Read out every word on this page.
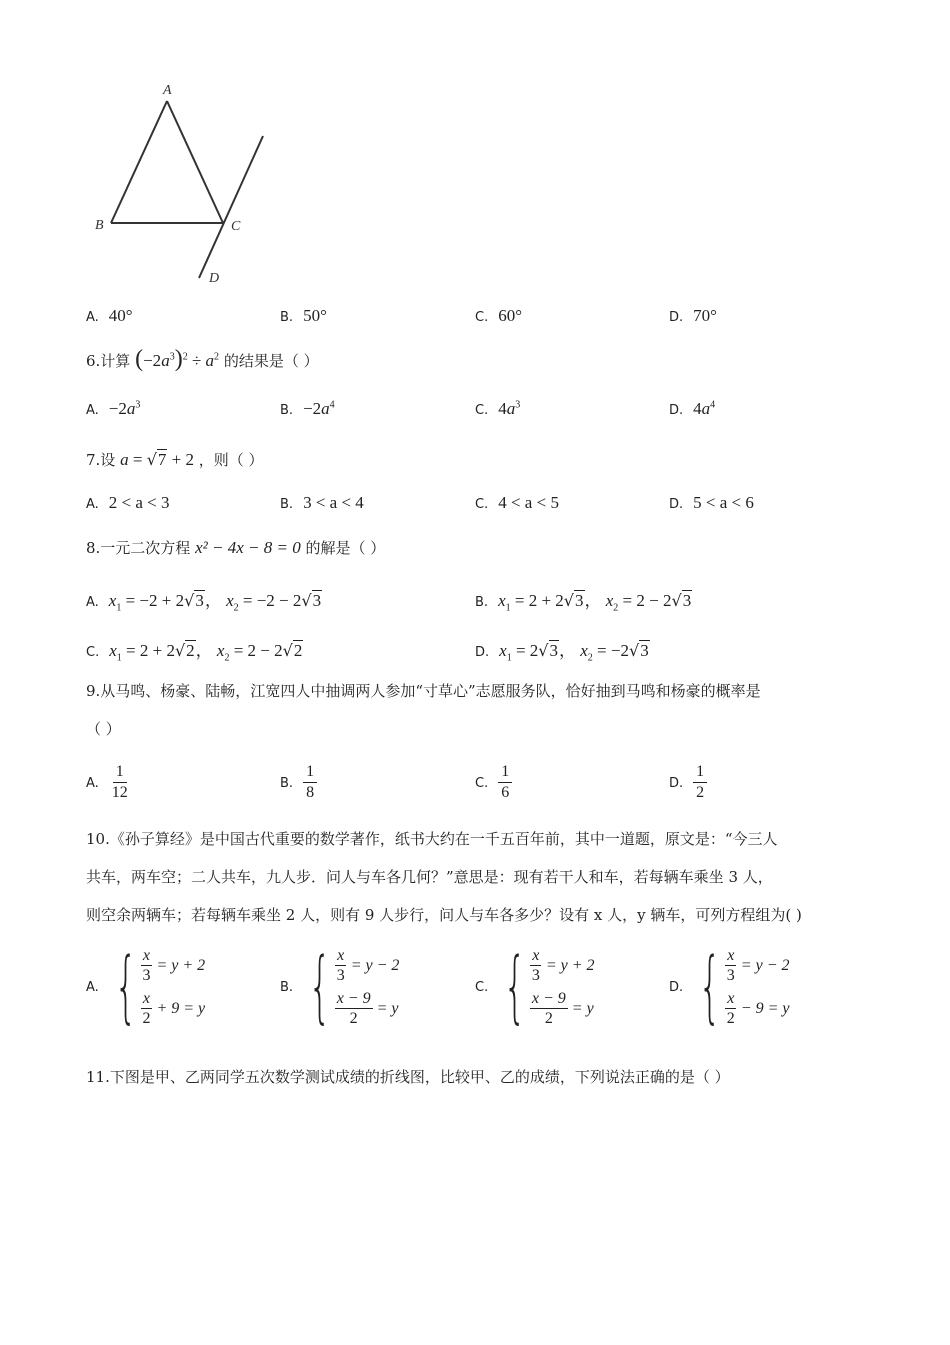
A
B	C
D
A. 40°	B. 50°	C. 60°	D. 70°
6.计算 $(-2a^3)^2 \div a^2$ 的结果是（ ）
A. $-2a^3$	B. $-2a^4$	C. $4a^3$	D. $4a^4$
7.设 a = √7 + 2 ，则（ ）
A. 2 < a < 3	B. 3 < a < 4	C. 4 < a < 5	D. 5 < a < 6
8.一元二次方程 x² − 4x − 8 = 0 的解是（ ）
A. $x_1 = -2 + 2√3$， $x_2 = -2 - 2√3$	B. $x_1 = 2 + 2√3$， $x_2 = 2 - 2√3$
C. $x_1 = 2 + 2√2$， $x_2 = 2 - 2√2$	D. $x_1 = 2√3$， $x_2 = -2√3$
9.从马鸣、杨豪、陆畅，江宽四人中抽调两人参加“寸草心”志愿服务队，恰好抽到马鸣和杨豪的概率是
（ ）
A. $\frac{1}{12}$	B. $\frac{1}{8}$	C. $\frac{1}{6}$	D. $\frac{1}{2}$
10.《孙子算经》是中国古代重要的数学著作，纸书大约在一千五百年前，其中一道题，原文是：“今三人
共车，两车空；二人共车，九人步．问人与车各几何？”意思是：现有若干人和车，若每辆车乘坐 3 人，
则空余两辆车；若每辆车乘坐 2 人，则有 9 人步行，问人与车各多少？设有 x 人，y 辆车，可列方程组为( )
A. { $\frac{x}{3} = y + 2$
$\frac{x}{2} + 9 = y$
B. { $\frac{x}{3} = y - 2$
$\frac{x - 9}{2} = y$
C. { $\frac{x}{3} = y + 2$
$\frac{x - 9}{2} = y$
D. { $\frac{x}{3} = y - 2$
$\frac{x}{2} - 9 = y$
11.下图是甲、乙两同学五次数学测试成绩的折线图，比较甲、乙的成绩，下列说法正确的是（ ）
